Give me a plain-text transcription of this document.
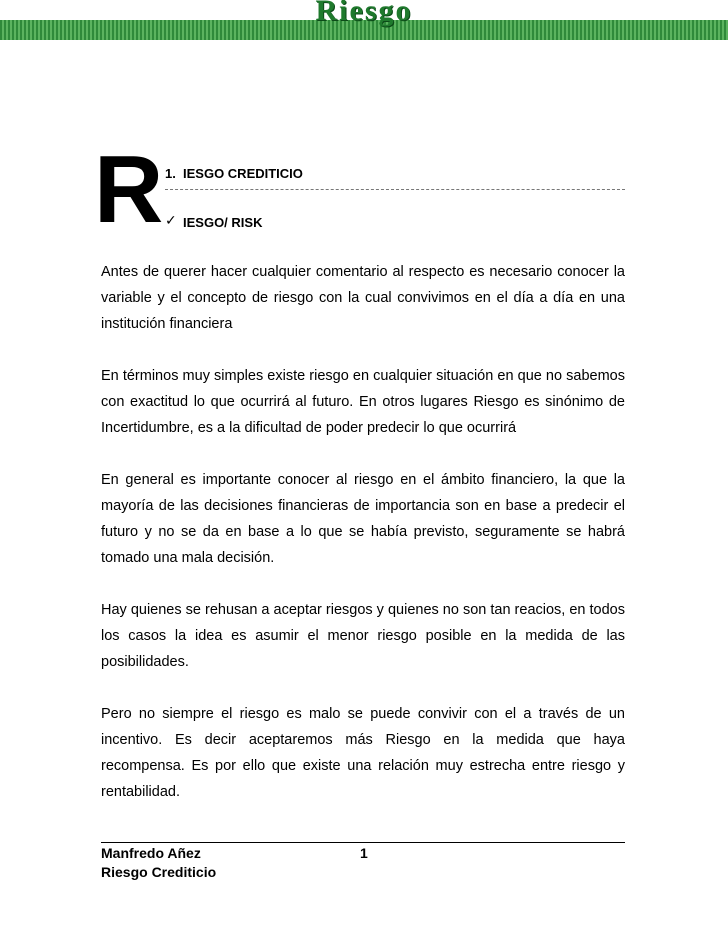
Riesgo
R 1. IESGO CREDITICIO
✓ IESGO/ RISK

Antes de querer hacer cualquier comentario al respecto es necesario conocer la variable y el concepto de riesgo con la cual convivimos en el día a día en una institución financiera

En términos muy simples existe riesgo en cualquier situación en que no sabemos con exactitud lo que ocurrirá al futuro. En otros lugares Riesgo es sinónimo de Incertidumbre, es a la dificultad de poder predecir lo que ocurrirá

En general es importante conocer al riesgo en el ámbito financiero, la que la mayoría de las decisiones financieras de importancia son en base a predecir el futuro y no se da en base a lo que se había previsto, seguramente se habrá tomado una mala decisión.

Hay quienes se rehusan a aceptar riesgos y quienes no son tan reacios, en todos los casos la idea es asumir el menor riesgo posible en la medida de las posibilidades.

Pero no siempre el riesgo es malo se puede convivir con el a través de un incentivo. Es decir aceptaremos más Riesgo en la medida que haya recompensa. Es por ello que existe una relación muy estrecha entre riesgo y rentabilidad.

Manfredo Añez
Riesgo Crediticio
1
